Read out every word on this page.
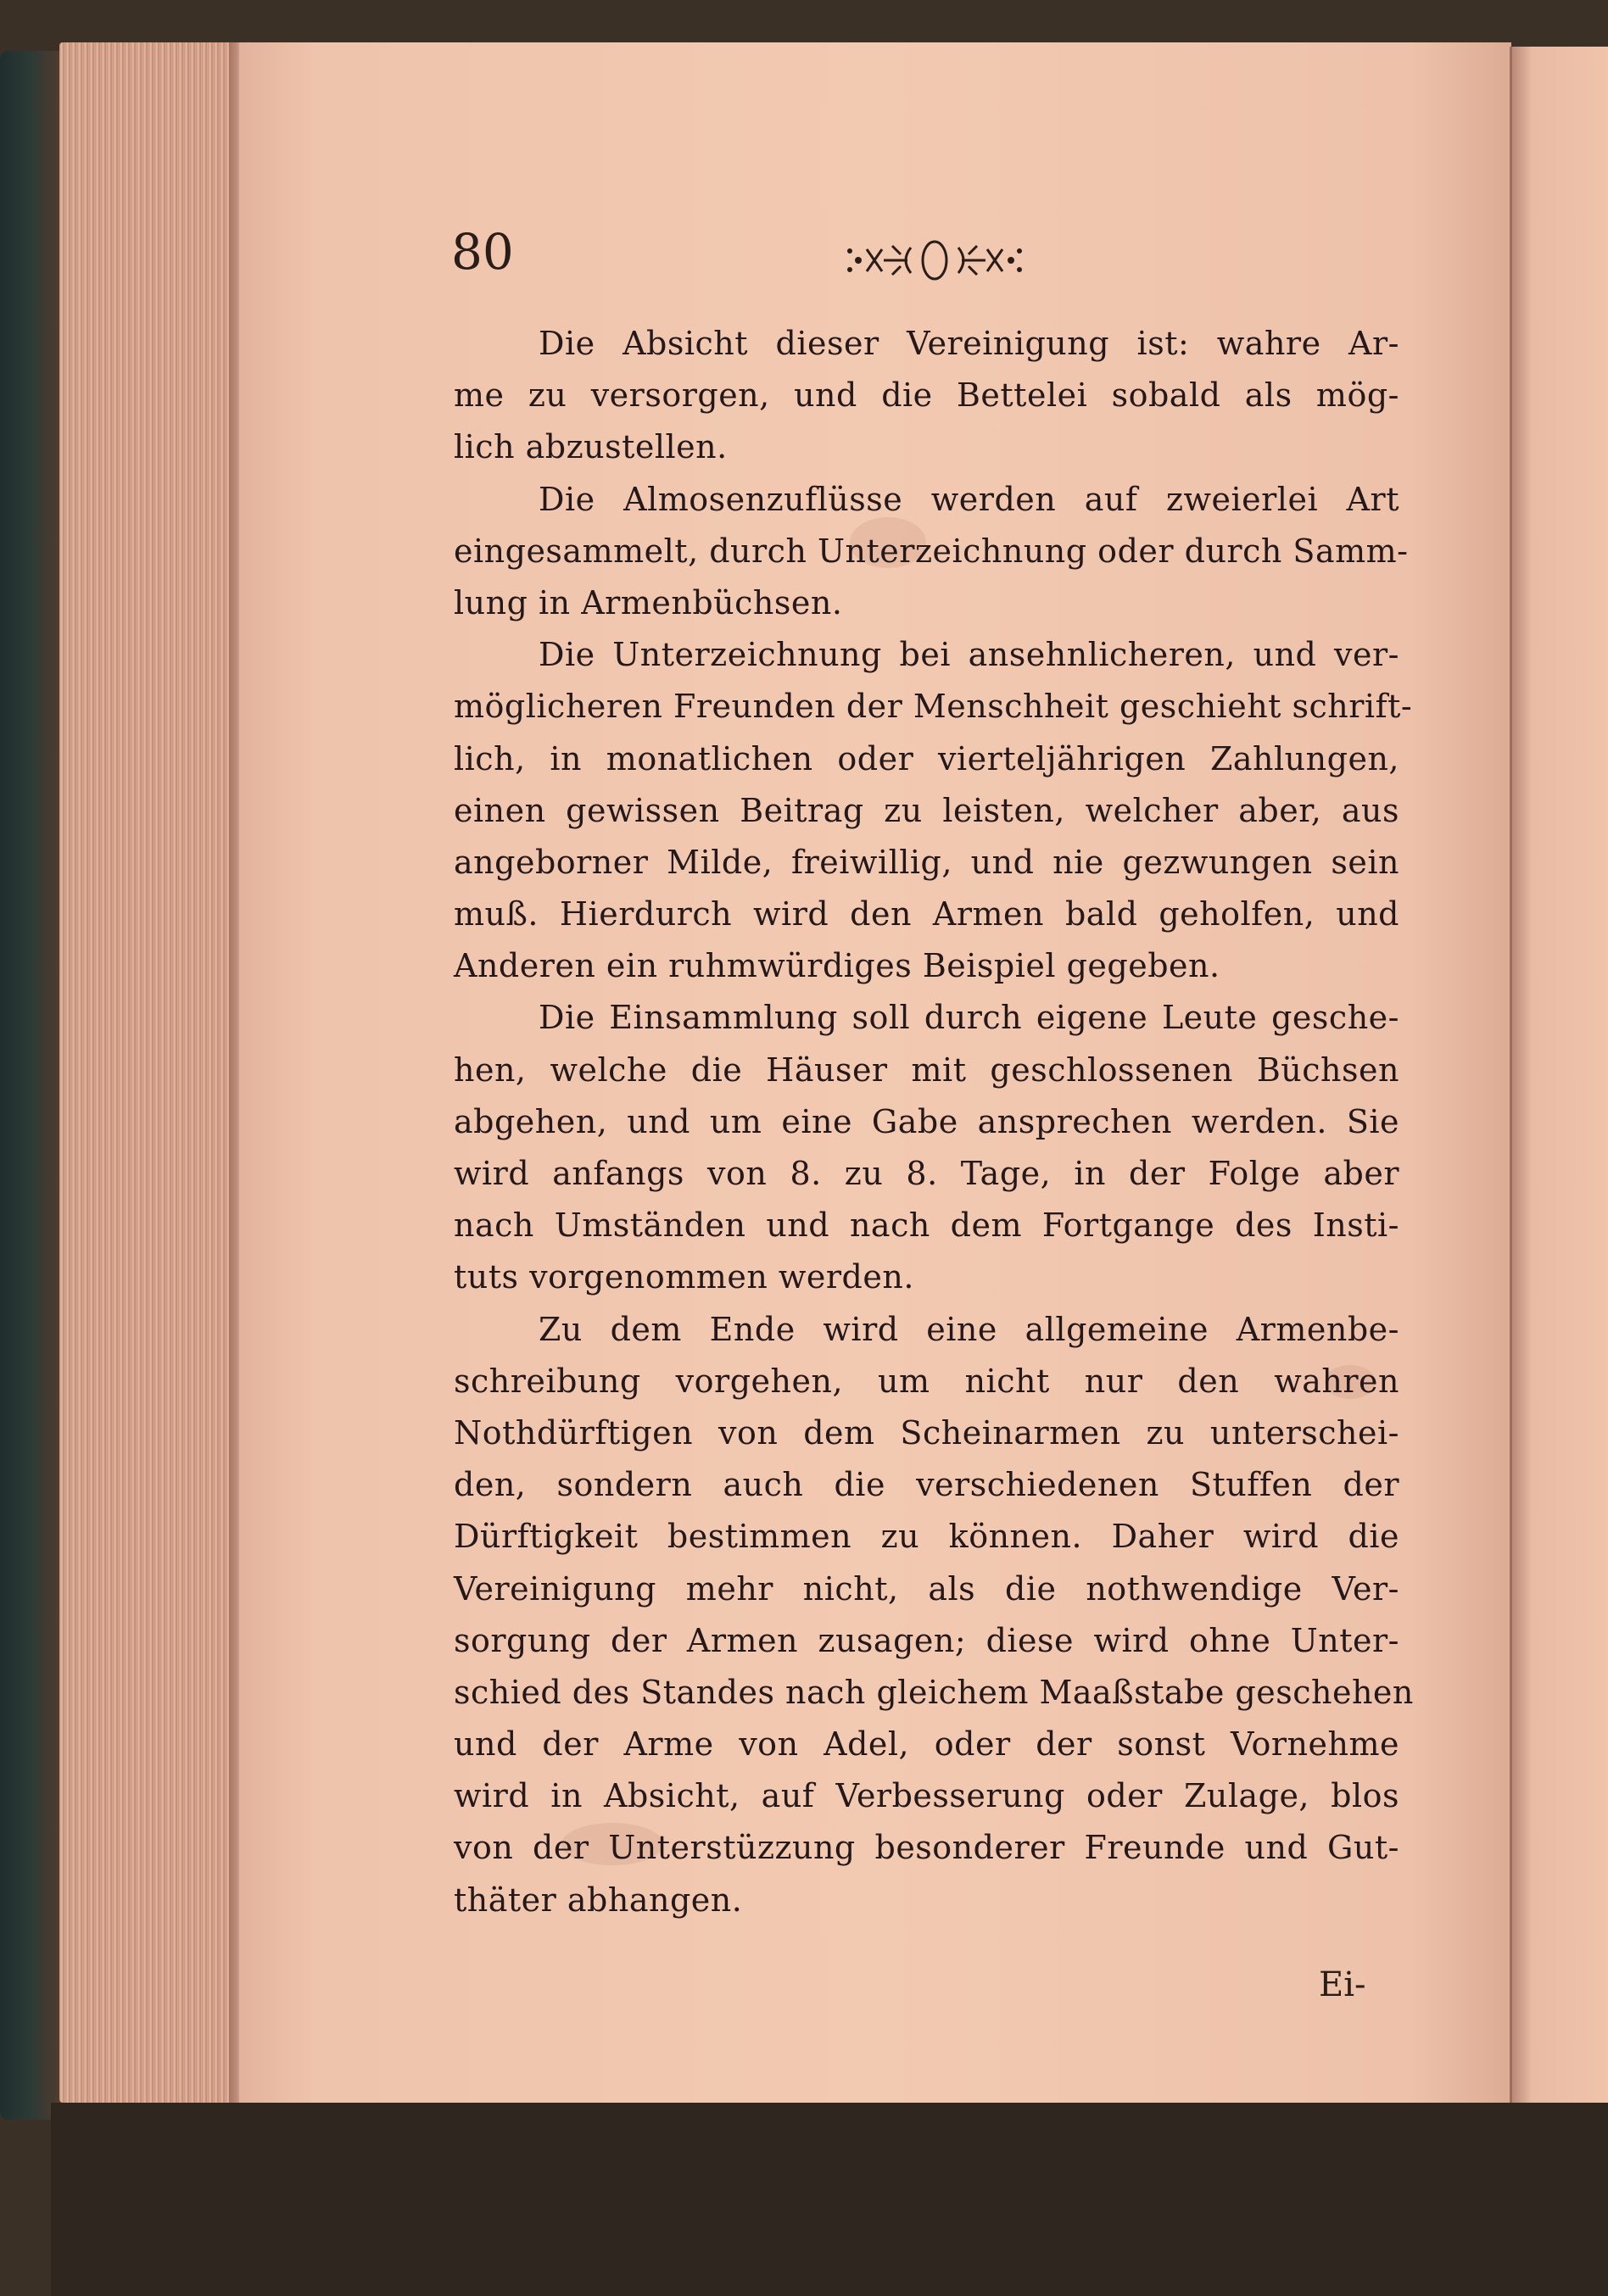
80
Die Absicht dieser Vereinigung ist: wahre Ar-
me zu versorgen, und die Bettelei sobald als mög-
lich abzustellen.
Die Almosenzuflüsse werden auf zweierlei Art
eingesammelt, durch Unterzeichnung oder durch Samm-
lung in Armenbüchsen.
Die Unterzeichnung bei ansehnlicheren, und ver-
möglicheren Freunden der Menschheit geschieht schrift-
lich, in monatlichen oder vierteljährigen Zahlungen,
einen gewissen Beitrag zu leisten, welcher aber, aus
angeborner Milde, freiwillig, und nie gezwungen sein
muß. Hierdurch wird den Armen bald geholfen, und
Anderen ein ruhmwürdiges Beispiel gegeben.
Die Einsammlung soll durch eigene Leute gesche-
hen, welche die Häuser mit geschlossenen Büchsen
abgehen, und um eine Gabe ansprechen werden. Sie
wird anfangs von 8. zu 8. Tage, in der Folge aber
nach Umständen und nach dem Fortgange des Insti-
tuts vorgenommen werden.
Zu dem Ende wird eine allgemeine Armenbe-
schreibung vorgehen, um nicht nur den wahren
Nothdürftigen von dem Scheinarmen zu unterschei-
den, sondern auch die verschiedenen Stuffen der
Dürftigkeit bestimmen zu können. Daher wird die
Vereinigung mehr nicht, als die nothwendige Ver-
sorgung der Armen zusagen; diese wird ohne Unter-
schied des Standes nach gleichem Maaßstabe geschehen
und der Arme von Adel, oder der sonst Vornehme
wird in Absicht, auf Verbesserung oder Zulage, blos
von der Unterstüzzung besonderer Freunde und Gut-
thäter abhangen.
Ei-
